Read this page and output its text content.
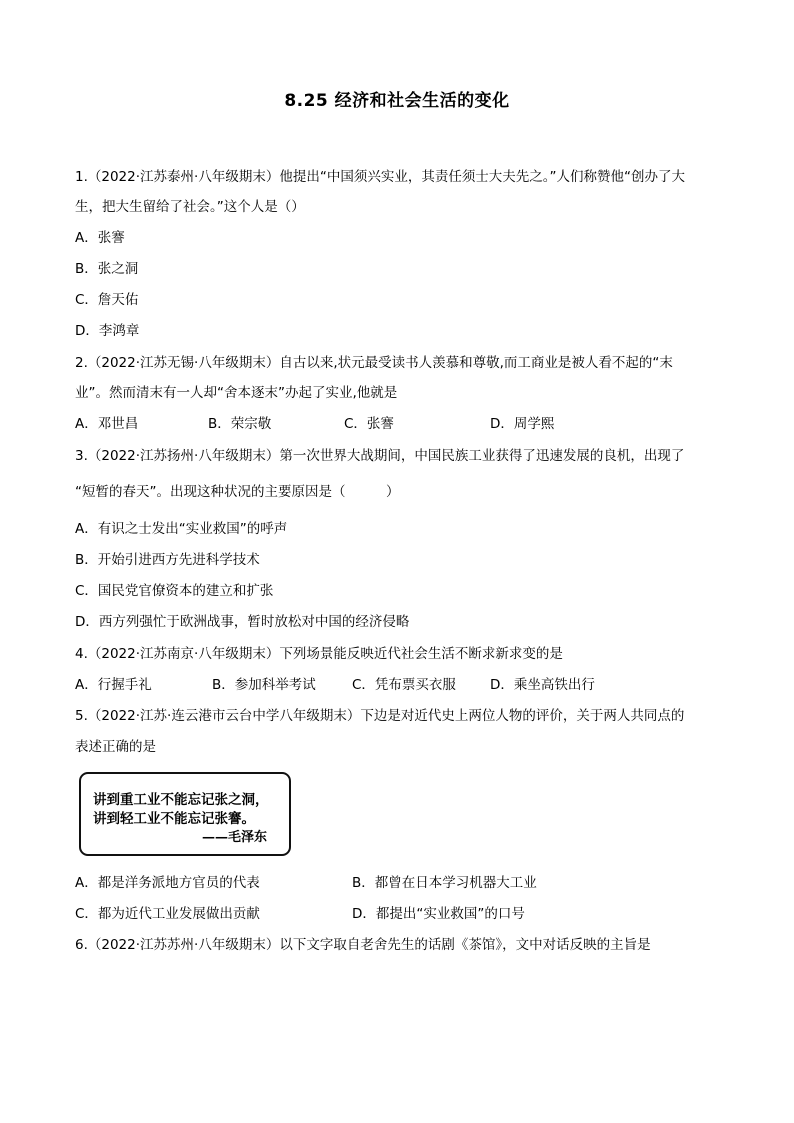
8.25 经济和社会生活的变化
1.（2022·江苏泰州·八年级期末）他提出“中国须兴实业，其责任须士大夫先之。”人们称赞他“创办了大
生，把大生留给了社会。”这个人是（）
A．张謇
B．张之洞
C．詹天佑
D．李鸿章
2.（2022·江苏无锡·八年级期末）自古以来,状元最受读书人羡慕和尊敬,而工商业是被人看不起的“末
业”。然而清末有一人却“舍本逐末”办起了实业,他就是
A．邓世昌	B．荣宗敬	C．张謇	D．周学熙
3.（2022·江苏扬州·八年级期末）第一次世界大战期间，中国民族工业获得了迅速发展的良机，出现了
“短暂的春天”。出现这种状况的主要原因是（　　　）
A．有识之士发出“实业救国”的呼声
B．开始引进西方先进科学技术
C．国民党官僚资本的建立和扩张
D．西方列强忙于欧洲战事，暂时放松对中国的经济侵略
4.（2022·江苏南京·八年级期末）下列场景能反映近代社会生活不断求新求变的是
A．行握手礼	B．参加科举考试	C．凭布票买衣服	D．乘坐高铁出行
5.（2022·江苏·连云港市云台中学八年级期末）下边是对近代史上两位人物的评价，关于两人共同点的
表述正确的是
讲到重工业不能忘记张之洞，
讲到轻工业不能忘记张謇。
——毛泽东
A．都是洋务派地方官员的代表	B．都曾在日本学习机器大工业
C．都为近代工业发展做出贡献	D．都提出“实业救国”的口号
6.（2022·江苏苏州·八年级期末）以下文字取自老舍先生的话剧《茶馆》，文中对话反映的主旨是
